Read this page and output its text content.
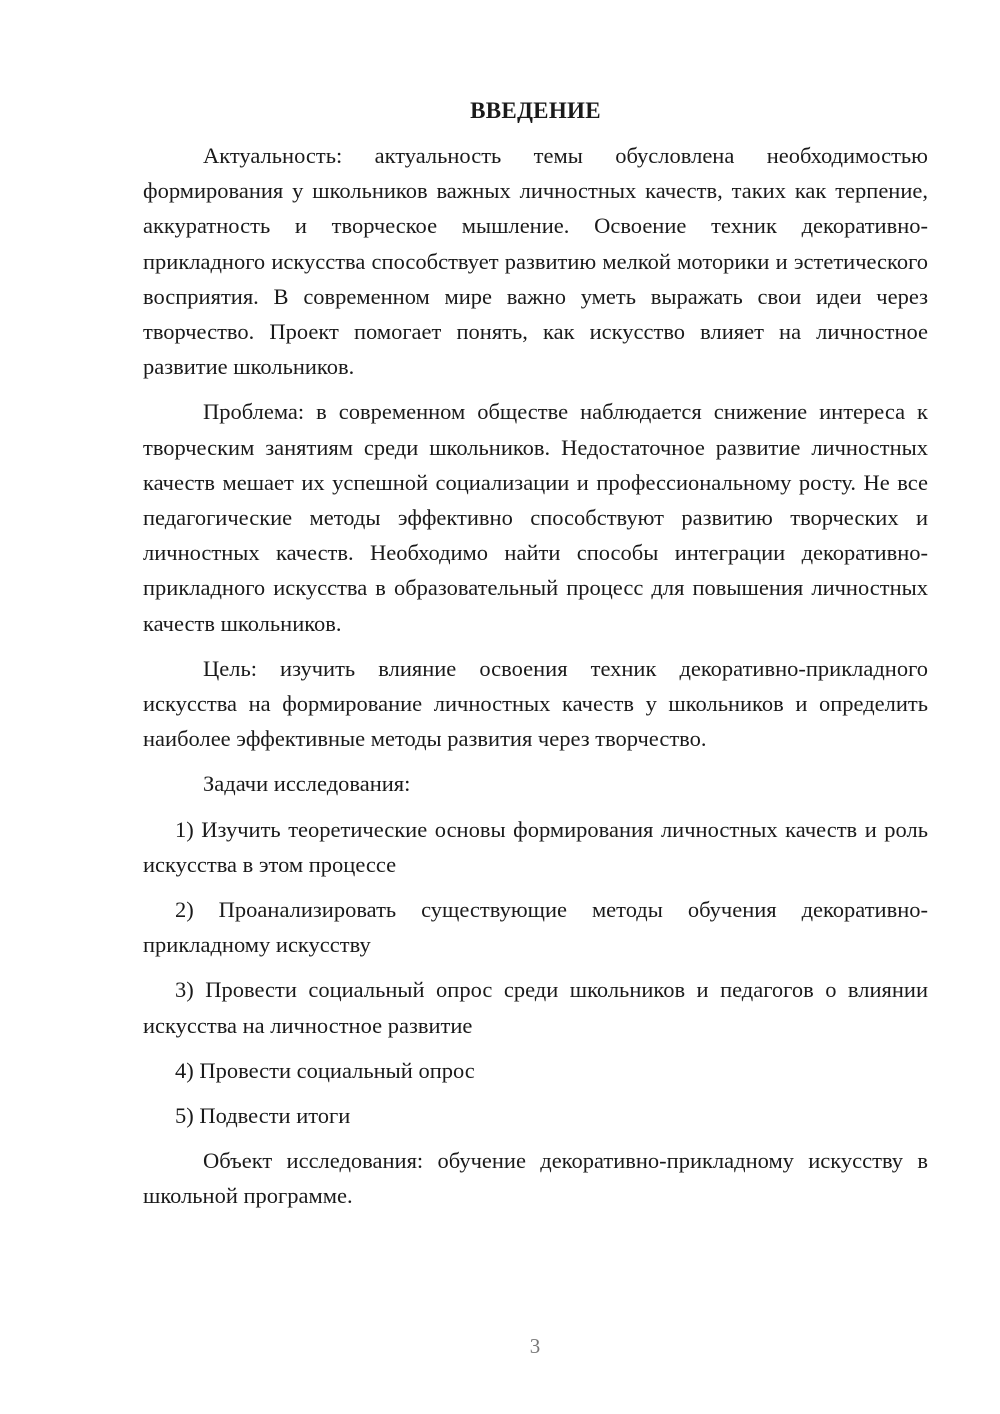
ВВЕДЕНИЕ

Актуальность: актуальность темы обусловлена необходимостью формирования у школьников важных личностных качеств, таких как терпение, аккуратность и творческое мышление. Освоение техник декоративно-прикладного искусства способствует развитию мелкой моторики и эстетического восприятия. В современном мире важно уметь выражать свои идеи через творчество. Проект помогает понять, как искусство влияет на личностное развитие школьников.

Проблема: в современном обществе наблюдается снижение интереса к творческим занятиям среди школьников. Недостаточное развитие личностных качеств мешает их успешной социализации и профессиональному росту. Не все педагогические методы эффективно способствуют развитию творческих и личностных качеств. Необходимо найти способы интеграции декоративно-прикладного искусства в образовательный процесс для повышения личностных качеств школьников.

Цель: изучить влияние освоения техник декоративно-прикладного искусства на формирование личностных качеств у школьников и определить наиболее эффективные методы развития через творчество.

Задачи исследования:

1) Изучить теоретические основы формирования личностных качеств и роль искусства в этом процессе

2) Проанализировать существующие методы обучения декоративно-прикладному искусству

3) Провести социальный опрос среди школьников и педагогов о влиянии искусства на личностное развитие

4) Провести социальный опрос

5) Подвести итоги

Объект исследования: обучение декоративно-прикладному искусству в школьной программе.

3
